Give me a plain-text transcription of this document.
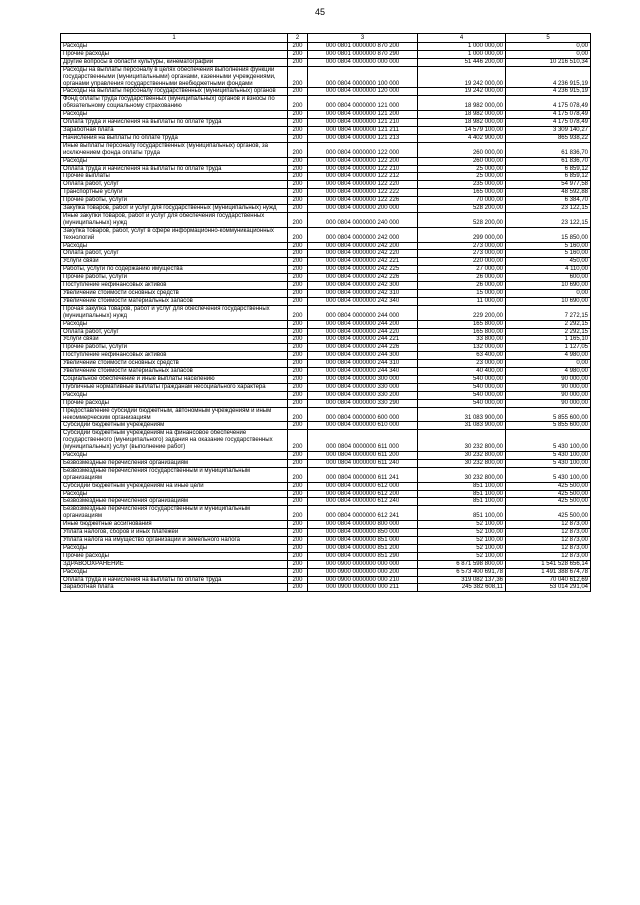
45
1	2	3	4	5
Расходы	200	000 0801 0000000 870 200	1 000 000,00	0,00
Прочие расходы	200	000 0801 0000000 870 290	1 000 000,00	0,00
Другие вопросы в области культуры, кинематографии	200	000 0804 0000000 000 000	51 446 200,00	10 216 510,34
Расходы на выплаты персоналу в целях обеспечения выполнения функций государственными (муниципальными) органами, казенными учреждениями, органами управления государственными внебюджетными фондами	200	000 0804 0000000 100 000	19 242 000,00	4 236 915,19
Расходы на выплаты персоналу государственных (муниципальных) органов	200	000 0804 0000000 120 000	19 242 000,00	4 236 915,19
Фонд оплаты труда государственных (муниципальных) органов и взносы по обязательному социальному страхованию	200	000 0804 0000000 121 000	18 982 000,00	4 175 078,49
Расходы	200	000 0804 0000000 121 200	18 982 000,00	4 175 078,49
Оплата труда и начисления на выплаты по оплате труда	200	000 0804 0000000 121 210	18 982 000,00	4 175 078,49
Заработная плата	200	000 0804 0000000 121 211	14 579 100,00	3 309 140,27
Начисления на выплаты по оплате труда	200	000 0804 0000000 121 213	4 402 900,00	865 938,22
Иные выплаты персоналу государственных (муниципальных) органов, за исключением фонда оплаты труда	200	000 0804 0000000 122 000	260 000,00	61 836,70
Расходы	200	000 0804 0000000 122 200	260 000,00	61 836,70
Оплата труда и начисления на выплаты по оплате труда	200	000 0804 0000000 122 210	25 000,00	6 859,12
Прочие выплаты	200	000 0804 0000000 122 212	25 000,00	6 859,12
Оплата работ, услуг	200	000 0804 0000000 122 220	235 000,00	54 977,58
Транспортные услуги	200	000 0804 0000000 122 222	165 000,00	48 592,88
Прочие работы, услуги	200	000 0804 0000000 122 226	70 000,00	6 384,70
Закупка товаров, работ и услуг для государственных (муниципальных) нужд	200	000 0804 0000000 200 000	528 200,00	23 122,15
Иные закупки товаров, работ и услуг для обеспечения государственных (муниципальных) нужд	200	000 0804 0000000 240 000	528 200,00	23 122,15
Закупка товаров, работ, услуг в сфере информационно-коммуникационных технологий	200	000 0804 0000000 242 000	299 000,00	15 850,00
Расходы	200	000 0804 0000000 242 200	273 000,00	5 160,00
Оплата работ, услуг	200	000 0804 0000000 242 220	273 000,00	5 160,00
Услуги связи	200	000 0804 0000000 242 221	220 000,00	450,00
Работы, услуги по содержанию имущества	200	000 0804 0000000 242 225	27 000,00	4 110,00
Прочие работы, услуги	200	000 0804 0000000 242 226	26 000,00	600,00
Поступление нефинансовых активов	200	000 0804 0000000 242 300	26 000,00	10 690,00
Увеличение стоимости основных средств	200	000 0804 0000000 242 310	15 000,00	0,00
Увеличение стоимости материальных запасов	200	000 0804 0000000 242 340	11 000,00	10 690,00
Прочая закупка товаров, работ и услуг для обеспечения государственных (муниципальных) нужд	200	000 0804 0000000 244 000	229 200,00	7 272,15
Расходы	200	000 0804 0000000 244 200	165 800,00	2 292,15
Оплата работ, услуг	200	000 0804 0000000 244 220	165 800,00	2 292,15
Услуги связи	200	000 0804 0000000 244 221	33 800,00	1 165,10
Прочие работы, услуги	200	000 0804 0000000 244 226	132 000,00	1 127,05
Поступление нефинансовых активов	200	000 0804 0000000 244 300	63 400,00	4 980,00
Увеличение стоимости основных средств	200	000 0804 0000000 244 310	23 000,00	0,00
Увеличение стоимости материальных запасов	200	000 0804 0000000 244 340	40 400,00	4 980,00
Социальное обеспечение и иные выплаты населению	200	000 0804 0000000 300 000	540 000,00	90 000,00
Публичные нормативные выплаты гражданам несоциального характера	200	000 0804 0000000 330 000	540 000,00	90 000,00
Расходы	200	000 0804 0000000 330 200	540 000,00	90 000,00
Прочие расходы	200	000 0804 0000000 330 290	540 000,00	90 000,00
Предоставление субсидий бюджетным, автономным учреждениям и иным некоммерческим организациям	200	000 0804 0000000 600 000	31 083 900,00	5 855 600,00
Субсидии бюджетным учреждениям	200	000 0804 0000000 610 000	31 083 900,00	5 855 600,00
Субсидии бюджетным учреждениям на финансовое обеспечение государственного (муниципального) задания на оказание государственных (муниципальных) услуг (выполнение работ)	200	000 0804 0000000 611 000	30 232 800,00	5 430 100,00
Расходы	200	000 0804 0000000 611 200	30 232 800,00	5 430 100,00
Безвозмездные перечисления организациям	200	000 0804 0000000 611 240	30 232 800,00	5 430 100,00
Безвозмездные перечисления государственным и муниципальным организациям	200	000 0804 0000000 611 241	30 232 800,00	5 430 100,00
Субсидии бюджетным учреждениям на иные цели	200	000 0804 0000000 612 000	851 100,00	425 500,00
Расходы	200	000 0804 0000000 612 200	851 100,00	425 500,00
Безвозмездные перечисления организациям	200	000 0804 0000000 612 240	851 100,00	425 500,00
Безвозмездные перечисления государственным и муниципальным организациям	200	000 0804 0000000 612 241	851 100,00	425 500,00
Иные бюджетные ассигнования	200	000 0804 0000000 800 000	52 100,00	12 873,00
Уплата налогов, сборов и иных платежей	200	000 0804 0000000 850 000	52 100,00	12 873,00
Уплата налога на имущество организаций и земельного налога	200	000 0804 0000000 851 000	52 100,00	12 873,00
Расходы	200	000 0804 0000000 851 200	52 100,00	12 873,00
Прочие расходы	200	000 0804 0000000 851 290	52 100,00	12 873,00
ЗДРАВООХРАНЕНИЕ	200	000 0900 0000000 000 000	6 871 598 800,00	1 541 528 656,14
Расходы	200	000 0900 0000000 000 200	6 573 400 691,78	1 491 388 674,78
Оплата труда и начисления на выплаты по оплате труда	200	000 0900 0000000 000 210	319 082 137,36	70 040 612,69
Заработная плата	200	000 0900 0000000 000 211	245 382 608,11	53 014 291,04
